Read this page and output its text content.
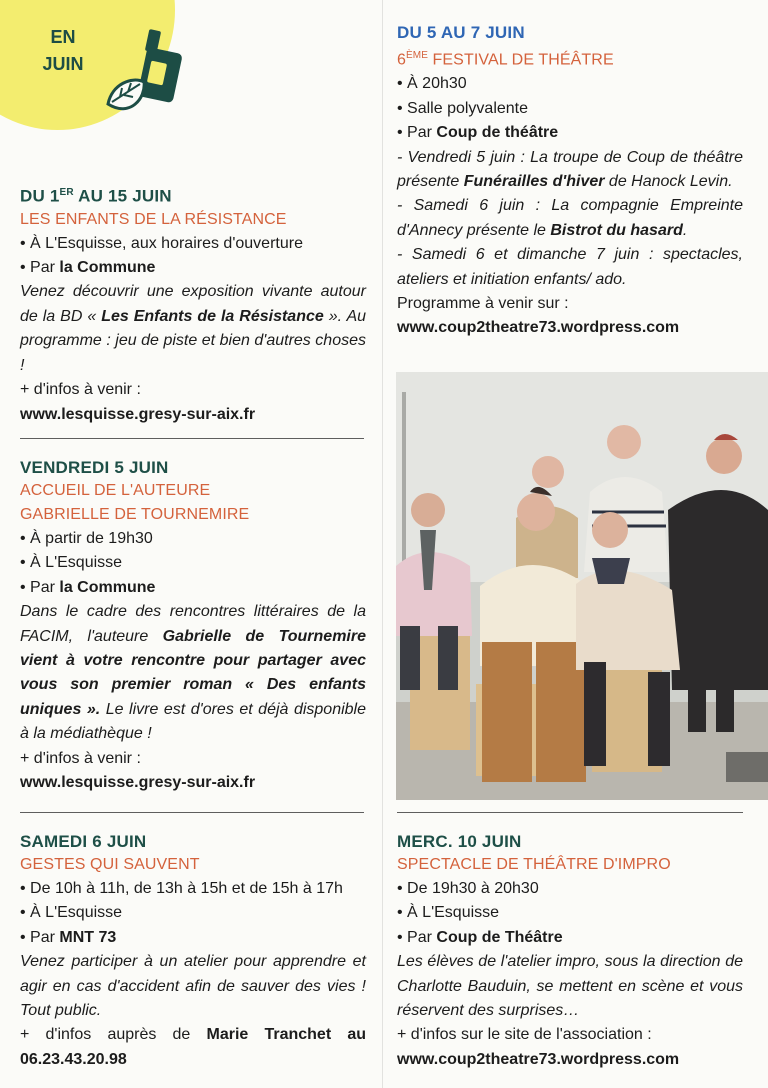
EN
JUIN

DU 1ER AU 15 JUIN

LES ENFANTS DE LA RÉSISTANCE

• À L'Esquisse, aux horaires d'ouverture

• Par la Commune

Venez découvrir une exposition vivante autour de la BD « Les Enfants de la Résistance ». Au programme : jeu de piste et bien d'autres choses !

+ d'infos à venir :

www.lesquisse.gresy-sur-aix.fr

VENDREDI 5 JUIN

ACCUEIL DE L'AUTEURE

GABRIELLE DE TOURNEMIRE

• À partir de 19h30

• À L'Esquisse

• Par la Commune

Dans le cadre des rencontres littéraires de la FACIM, l'auteure Gabrielle de Tournemire vient à votre rencontre pour partager avec vous son premier roman « Des enfants uniques ». Le livre est d'ores et déjà disponible à la médiathèque !

+ d'infos à venir :

www.lesquisse.gresy-sur-aix.fr

SAMEDI 6 JUIN

GESTES QUI SAUVENT

• De 10h à 11h, de 13h à 15h et de 15h à 17h

• À L'Esquisse

• Par MNT 73

Venez participer à un atelier pour apprendre et agir en cas d'accident afin de sauver des vies ! Tout public.

+ d'infos auprès de Marie Tranchet au 06.23.43.20.98

DU 5 AU 7 JUIN

6ÈME FESTIVAL DE THÉÂTRE

• À 20h30

• Salle polyvalente

• Par Coup de théâtre

- Vendredi 5 juin : La troupe de Coup de théâtre présente Funérailles d'hiver de Hanock Levin.

- Samedi 6 juin : La compagnie Empreinte d'Annecy présente le Bistrot du hasard.

- Samedi 6 et dimanche 7 juin : spectacles, ateliers et initiation enfants/ ado.

Programme à venir sur :

www.coup2theatre73.wordpress.com

MERC. 10 JUIN

SPECTACLE DE THÉÂTRE D'IMPRO

• De 19h30 à 20h30

• À L'Esquisse

• Par Coup de Théâtre

Les élèves de l'atelier impro, sous la direction de Charlotte Bauduin, se mettent en scène et vous réservent des surprises…

+ d'infos sur le site de l'association :

www.coup2theatre73.wordpress.com
